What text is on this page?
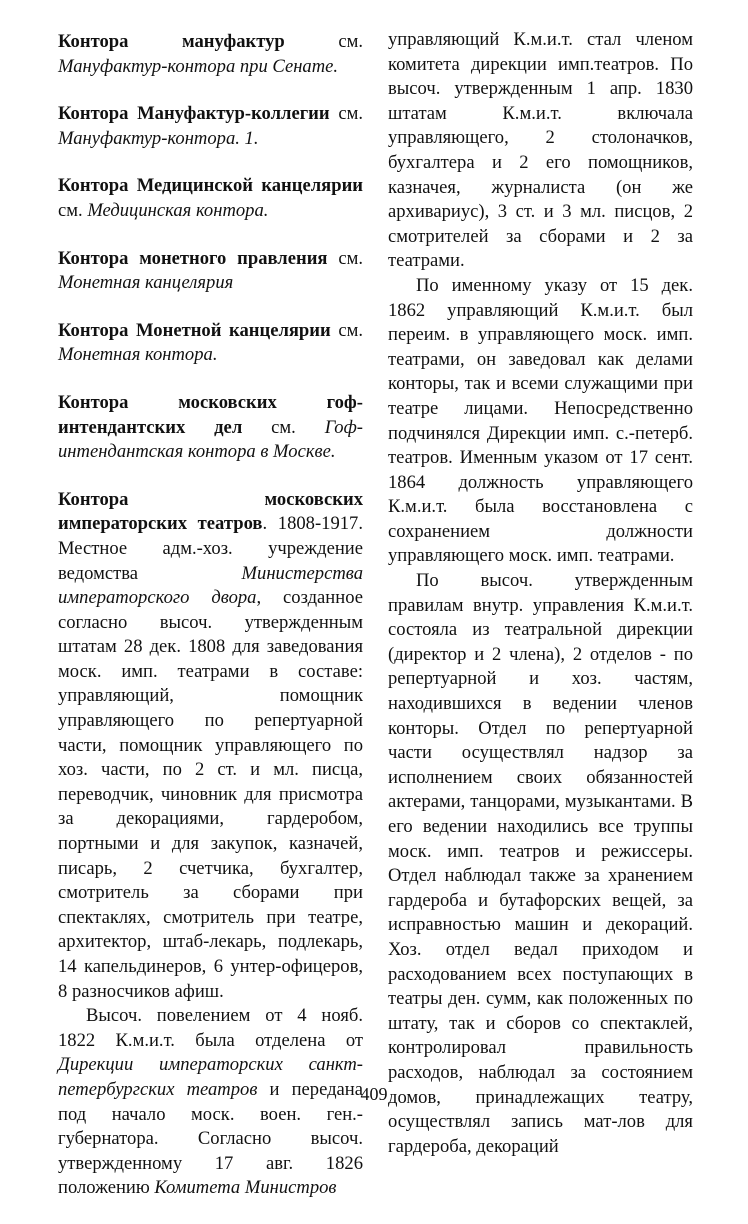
Контора мануфактур см. Мануфактур-контора при Сенате.
Контора Мануфактур-коллегии см. Мануфактур-контора. 1.
Контора Медицинской канцелярии см. Медицинская контора.
Контора монетного правления см. Монетная канцелярия
Контора Монетной канцелярии см. Монетная контора.
Контора московских гоф-интендантских дел см. Гоф-интендантская контора в Москве.

Контора московских императорских театров. 1808-1917. Местное адм.-хоз. учреждение ведомства Министерства императорского двора, созданное согласно высоч. утвержденным штатам 28 дек. 1808 для заведования моск. имп. театрами в составе: управляющий, помощник управляющего по репертуарной части, помощник управляющего по хоз. части, по 2 ст. и мл. писца, переводчик, чиновник для присмотра за декорациями, гардеробом, портными и для закупок, казначей, писарь, 2 счетчика, бухгалтер, смотритель за сборами при спектаклях, смотритель при театре, архитектор, штаб-лекарь, подлекарь, 14 капельдинеров, 6 унтер-офицеров, 8 разносчиков афиш.

Высоч. повелением от 4 нояб. 1822 К.м.и.т. была отделена от Дирекции императорских санкт-петербургских театров и передана под начало моск. воен. ген.-губернатора. Согласно высоч. утвержденному 17 авг. 1826 положению Комитета Министров

управляющий К.м.и.т. стал членом комитета дирекции имп.театров. По высоч. утвержденным 1 апр. 1830 штатам К.м.и.т. включала управляющего, 2 столоначков, бухгалтера и 2 его помощников, казначея, журналиста (он же архивариус), 3 ст. и 3 мл. писцов, 2 смотрителей за сборами и 2 за театрами.

По именному указу от 15 дек. 1862 управляющий К.м.и.т. был переим. в управляющего моск. имп. театрами, он заведовал как делами конторы, так и всеми служащими при театре лицами. Непосредственно подчинялся Дирекции имп. с.-петерб. театров. Именным указом от 17 сент. 1864 должность управляющего К.м.и.т. была восстановлена с сохранением должности управляющего моск. имп. театрами.

По высоч. утвержденным правилам внутр. управления К.м.и.т. состояла из театральной дирекции (директор и 2 члена), 2 отделов - по репертуарной и хоз. частям, находившихся в ведении членов конторы. Отдел по репертуарной части осуществлял надзор за исполнением своих обязанностей актерами, танцорами, музыкантами. В его ведении находились все труппы моск. имп. театров и режиссеры. Отдел наблюдал также за хранением гардероба и бутафорских вещей, за исправностью машин и декораций. Хоз. отдел ведал приходом и расходованием всех поступающих в театры ден. сумм, как положенных по штату, так и сборов со спектаклей, контролировал правильность расходов, наблюдал за состоянием домов, принадлежащих театру, осуществлял запись мат-лов для гардероба, декораций

409
